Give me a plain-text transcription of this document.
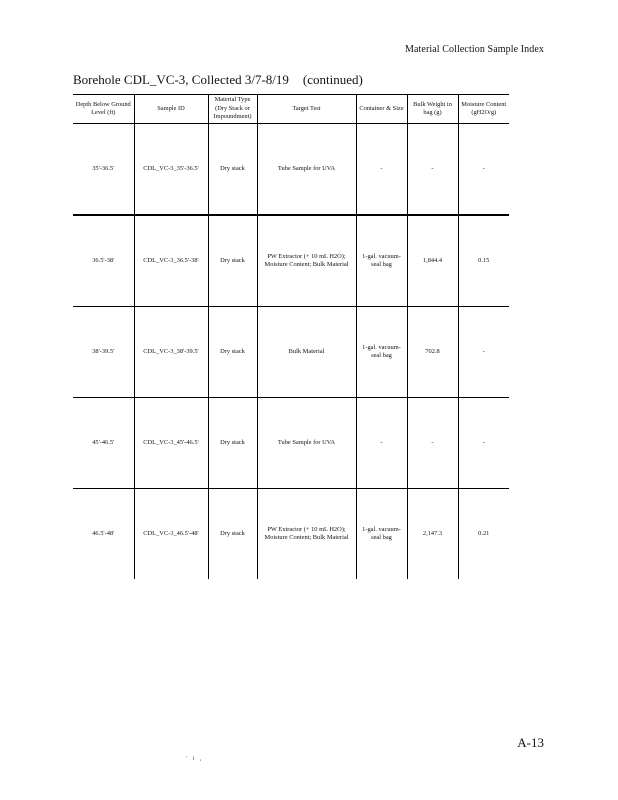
Material Collection Sample Index
Borehole CDL_VC-3, Collected 3/7-8/19 (continued)
Depth Below Ground Level (ft)	Sample ID	Material Type (Dry Stack or Impoundment)	Target Test	Container & Size	Bulk Weight in bag (g)	Moisture Content (gH2O/g)
35'-36.5'	CDL_VC-3_35'-36.5'	Dry stack	Tube Sample for UVA	-	-	-
36.5'-38'	CDL_VC-3_36.5'-38'	Dry stack	PW Extractor (+ 10 mL H2O); Moisture Content; Bulk Material	1-gal. vacuum-seal bag	1,844.4	0.15
38'-39.5'	CDL_VC-3_38'-39.5'	Dry stack	Bulk Material	1-gal. vacuum-seal bag	702.8	-
45'-46.5'	CDL_VC-3_45'-46.5'	Dry stack	Tube Sample for UVA	-	-	-
46.5'-48'	CDL_VC-3_46.5'-48'	Dry stack	PW Extractor (+ 10 mL H2O); Moisture Content; Bulk Material	1-gal. vacuum-seal bag	2,147.3	0.21
A-13
' i ,
